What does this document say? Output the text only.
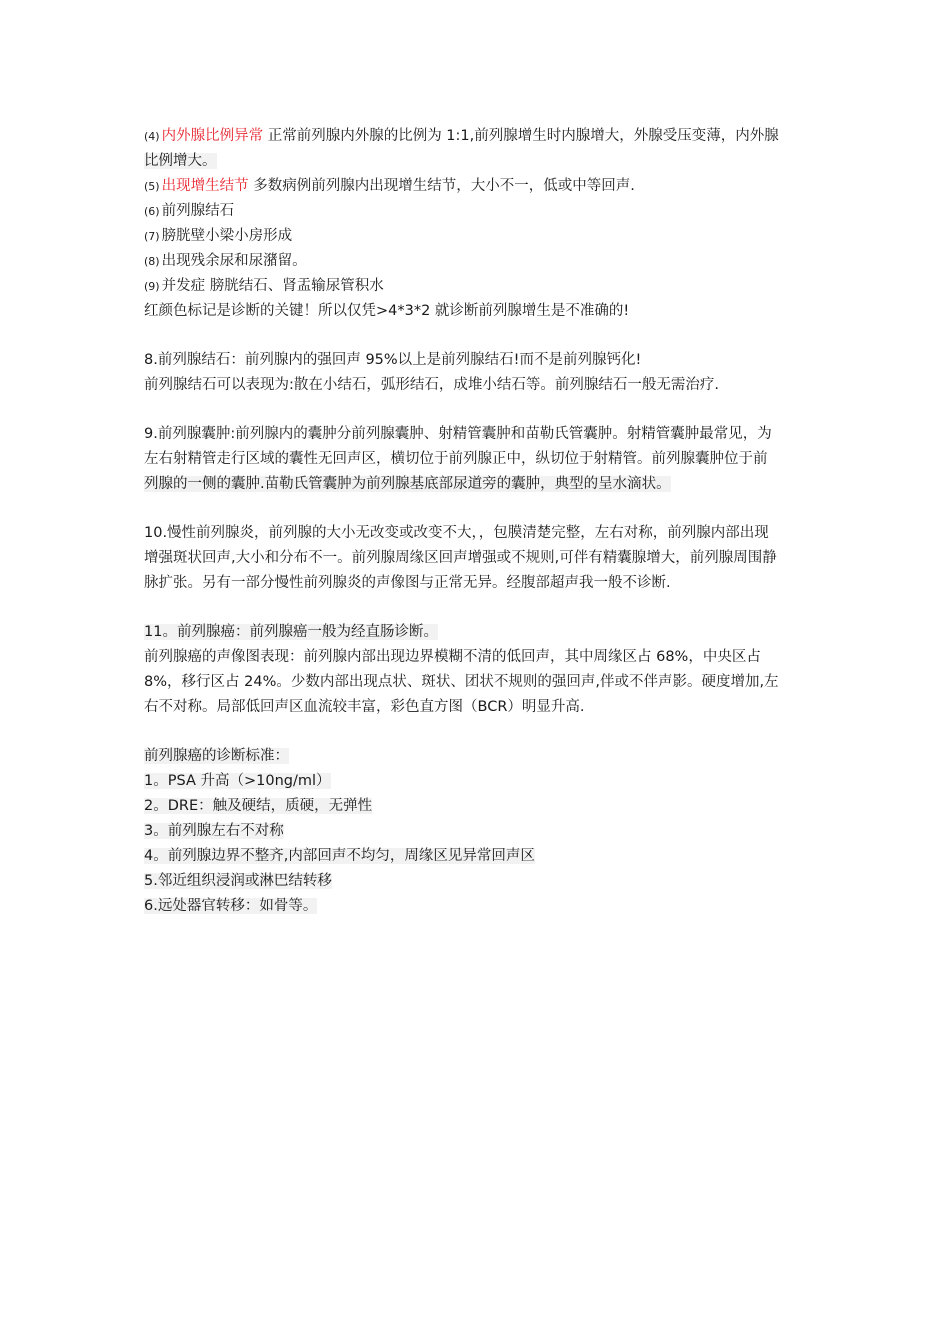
(4) 内外腺比例异常 正常前列腺内外腺的比例为 1:1,前列腺增生时内腺增大，外腺受压变薄，内外腺
比例增大。
(5) 出现增生结节 多数病例前列腺内出现增生结节，大小不一，低或中等回声.
(6) 前列腺结石
(7) 膀胱壁小梁小房形成
(8) 出现残余尿和尿潴留。
(9) 并发症 膀胱结石、肾盂输尿管积水
红颜色标记是诊断的关键！所以仅凭>4*3*2 就诊断前列腺增生是不准确的!
8.前列腺结石：前列腺内的强回声 95%以上是前列腺结石!而不是前列腺钙化!
前列腺结石可以表现为:散在小结石，弧形结石，成堆小结石等。前列腺结石一般无需治疗.
9.前列腺囊肿:前列腺内的囊肿分前列腺囊肿、射精管囊肿和苗勒氏管囊肿。射精管囊肿最常见，为
左右射精管走行区域的囊性无回声区，横切位于前列腺正中，纵切位于射精管。前列腺囊肿位于前
列腺的一侧的囊肿.苗勒氏管囊肿为前列腺基底部尿道旁的囊肿，典型的呈水滴状。
10.慢性前列腺炎，前列腺的大小无改变或改变不大，，包膜清楚完整，左右对称，前列腺内部出现
增强斑状回声,大小和分布不一。前列腺周缘区回声增强或不规则,可伴有精囊腺增大，前列腺周围静
脉扩张。另有一部分慢性前列腺炎的声像图与正常无异。经腹部超声我一般不诊断.
11。前列腺癌：前列腺癌一般为经直肠诊断。
前列腺癌的声像图表现：前列腺内部出现边界模糊不清的低回声，其中周缘区占 68%，中央区占
8%，移行区占 24%。少数内部出现点状、斑状、团状不规则的强回声,伴或不伴声影。硬度增加,左
右不对称。局部低回声区血流较丰富，彩色直方图（BCR）明显升高.
前列腺癌的诊断标准：
1。PSA 升高（>10ng/ml）
2。DRE：触及硬结，质硬，无弹性
3。前列腺左右不对称
4。前列腺边界不整齐,内部回声不均匀，周缘区见异常回声区
5.邻近组织浸润或淋巴结转移
6.远处器官转移：如骨等。
